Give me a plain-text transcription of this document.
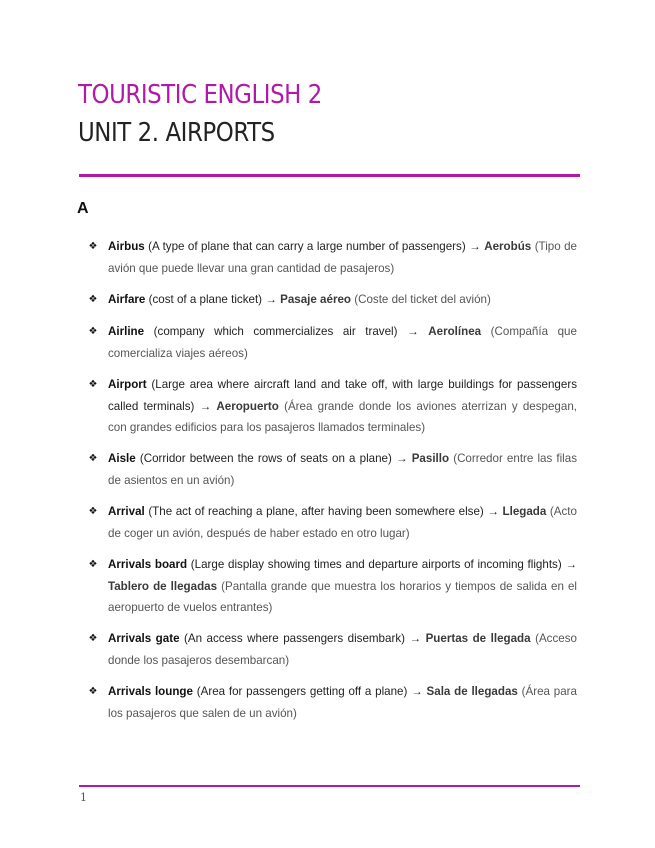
TOURISTIC ENGLISH 2
UNIT 2. AIRPORTS
A
❖ Airbus (A type of plane that can carry a large number of passengers) → Aerobús (Tipo de avión que puede llevar una gran cantidad de pasajeros)
❖ Airfare (cost of a plane ticket) → Pasaje aéreo (Coste del ticket del avión)
❖ Airline (company which commercializes air travel) → Aerolínea (Compañía que comercializa viajes aéreos)
❖ Airport (Large area where aircraft land and take off, with large buildings for passengers called terminals) → Aeropuerto (Área grande donde los aviones aterrizan y despegan, con grandes edificios para los pasajeros llamados terminales)
❖ Aisle (Corridor between the rows of seats on a plane) → Pasillo (Corredor entre las filas de asientos en un avión)
❖ Arrival (The act of reaching a plane, after having been somewhere else) → Llegada (Acto de coger un avión, después de haber estado en otro lugar)
❖ Arrivals board (Large display showing times and departure airports of incoming flights) → Tablero de llegadas (Pantalla grande que muestra los horarios y tiempos de salida en el aeropuerto de vuelos entrantes)
❖ Arrivals gate (An access where passengers disembark) → Puertas de llegada (Acceso donde los pasajeros desembarcan)
❖ Arrivals lounge (Area for passengers getting off a plane) → Sala de llegadas (Área para los pasajeros que salen de un avión)
1
